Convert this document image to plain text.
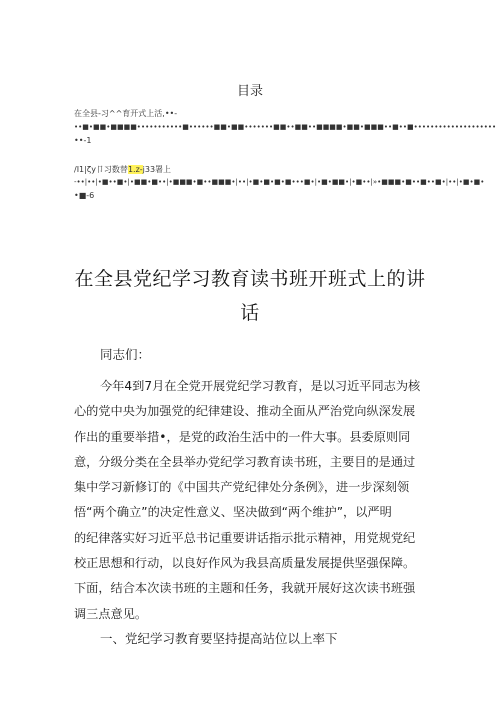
目录
在全县-习^^育开式上活,••-
••■•■■•■■■■•••••••••••■••••••■■•■■•••••••■■••■■••■■■■•■■•■■■••■••■••••••••••••••••••••
••-1
/I1|ζy卩习数替1.z-j33署上
-••|••|•■••■•|•■■•■••|•■■■•■••■■■•|••|•■•■•■•■•••■•|•■•■■•|•■••|»•■■■•■••■••■•|••|•■•■•
•■-6
在全县党纪学习教育读书班开班式上的讲
话
同志们：
今年4到7月在全党开展党纪学习教育，是以习近平同志为核
心的党中央为加强党的纪律建设、推动全面从严治党向纵深发展
作出的重要举措•，是党的政治生活中的一件大事。县委原则同
意，分级分类在全县举办党纪学习教育读书班，主要目的是通过
集中学习新修订的《中国共产党纪律处分条例》，进一步深刻领
悟“两个确立”的决定性意义、坚决做到“两个维护”，以严明
的纪律落实好习近平总书记重要讲话指示批示精神，用党规党纪
校正思想和行动，以良好作风为我县高质量发展提供坚强保障。
下面，结合本次读书班的主题和任务，我就开展好这次读书班强
调三点意见。
一、党纪学习教育要坚持提高站位以上率下
